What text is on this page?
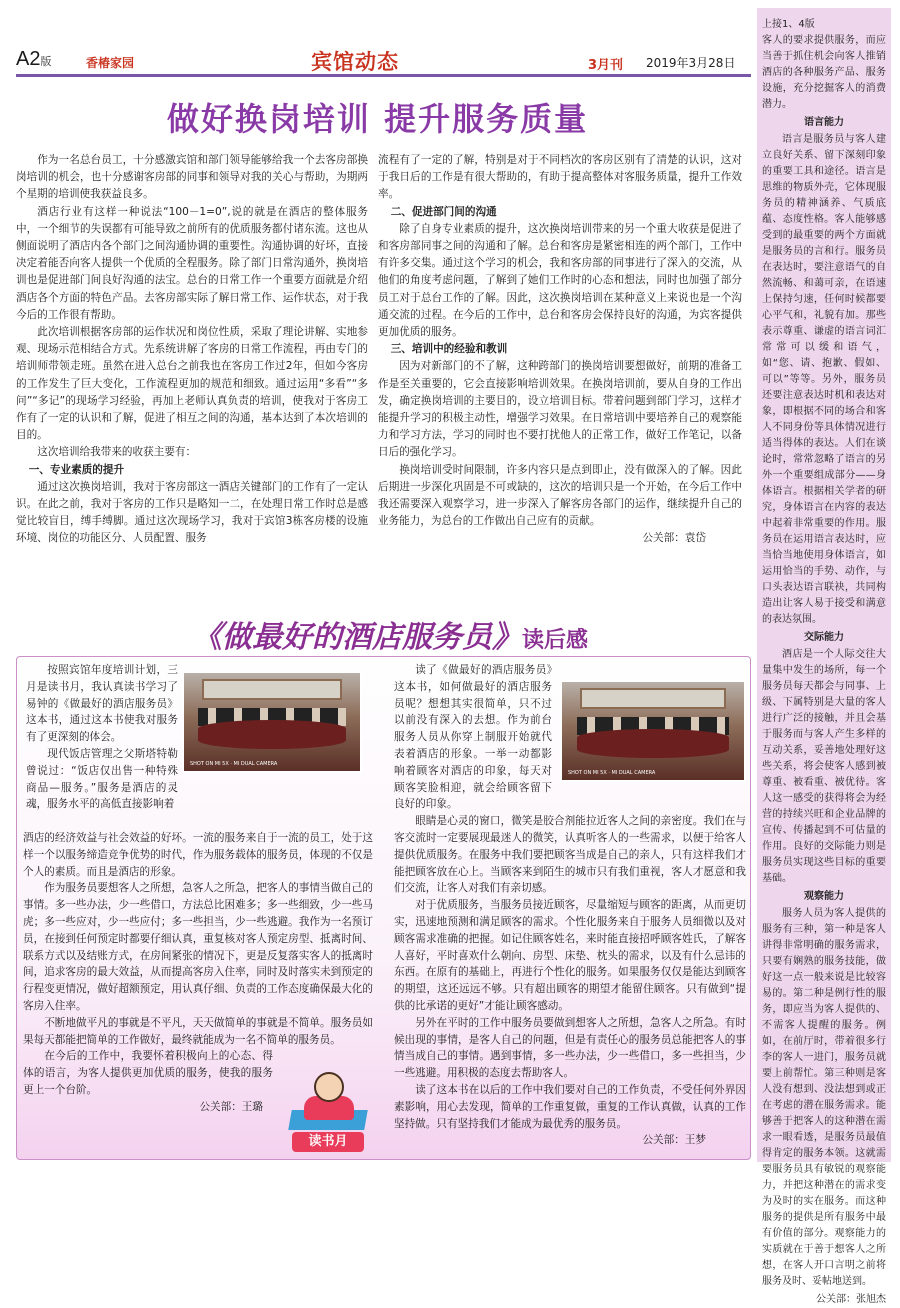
A2版	香椿家园	宾馆动态	3月刊 2019年3月28日
上接1、4版

客人的要求提供服务，而应当善于抓住机会向客人推销酒店的各种服务产品、服务设施，充分挖掘客人的消费潜力。

语言能力

语言是服务员与客人建立良好关系、留下深刻印象的重要工具和途径。语言是思维的物质外壳，它体现服务员的精神涵养、气质底蕴、态度性格。客人能够感受到的最重要的两个方面就是服务员的言和行。服务员在表达时，要注意语气的自然流畅、和蔼可亲，在语速上保持匀速，任何时候都要心平气和，礼貌有加。那些表示尊重、谦虚的语言词汇常常可以缓和语气，如“您、请、抱歉、假如、可以”等等。另外，服务员还要注意表达时机和表达对象，即根据不同的场合和客人不同身份等具体情况进行适当得体的表达。人们在谈论时，常常忽略了语言的另外一个重要组成部分——身体语言。根据相关学者的研究，身体语言在内容的表达中起着非常重要的作用。服务员在运用语言表达时，应当恰当地使用身体语言，如运用恰当的手势、动作，与口头表达语言联袂，共同构造出让客人易于接受和满意的表达氛围。

交际能力

酒店是一个人际交往大量集中发生的场所，每一个服务员每天都会与同事、上级、下属特别是大量的客人进行广泛的接触，并且会基于服务而与客人产生多样的互动关系，妥善地处理好这些关系，将会使客人感到被尊重、被看重、被优待。客人这一感受的获得将会为经营的持续兴旺和企业品牌的宣传、传播起到不可估量的作用。良好的交际能力则是服务员实现这些目标的重要基础。

观察能力

服务人员为客人提供的服务有三种，第一种是客人讲得非常明确的服务需求，只要有娴熟的服务技能，做好这一点一般来说是比较容易的。第二种是例行性的服务，即应当为客人提供的、不需客人提醒的服务。例如，在前厅时，带着很多行李的客人一进门，服务员就要上前帮忙。第三种则是客人没有想到、没法想到或正在考虑的潜在服务需求。能够善于把客人的这种潜在需求一眼看透，是服务员最值得肯定的服务本领。这就需要服务员具有敏锐的观察能力，并把这种潜在的需求变为及时的实在服务。而这种服务的提供是所有服务中最有价值的部分。观察能力的实质就在于善于想客人之所想，在客人开口言明之前将服务及时、妥帖地送到。

公关部：张旭杰
做好换岗培训 提升服务质量

作为一名总台员工，十分感激宾馆和部门领导能够给我一个去客房部换岗培训的机会，也十分感谢客房部的同事和领导对我的关心与帮助，为期两个星期的培训使我获益良多。

酒店行业有这样一种说法“100－1=0”,说的就是在酒店的整体服务中，一个细节的失误都有可能导致之前所有的优质服务都付诸东流。这也从侧面说明了酒店内各个部门之间沟通协调的重要性。沟通协调的好坏，直接决定着能否向客人提供一个优质的全程服务。除了部门日常沟通外，换岗培训也是促进部门间良好沟通的法宝。总台的日常工作一个重要方面就是介绍酒店各个方面的特色产品。去客房部实际了解日常工作、运作状态，对于我今后的工作很有帮助。

此次培训根据客房部的运作状况和岗位性质，采取了理论讲解、实地参观、现场示范相结合方式。先系统讲解了客房的日常工作流程，再由专门的培训师带领走班。虽然在进入总台之前我也在客房工作过2年，但如今客房的工作发生了巨大变化，工作流程更加的规范和细致。通过运用“多看”“多问”“多记”的现场学习经验，再加上老师认真负责的培训，使我对于客房工作有了一定的认识和了解，促进了相互之间的沟通，基本达到了本次培训的目的。

这次培训给我带来的收获主要有：

一、专业素质的提升

通过这次换岗培训，我对于客房部这一酒店关键部门的工作有了一定认识。在此之前，我对于客房的工作只是略知一二，在处理日常工作时总是感觉比较盲目，缚手缚脚。通过这次现场学习，我对于宾馆3栋客房楼的设施环境、岗位的功能区分、人员配置、服务

流程有了一定的了解，特别是对于不同档次的客房区别有了清楚的认识，这对于我日后的工作是有很大帮助的，有助于提高整体对客服务质量，提升工作效率。

二、促进部门间的沟通

除了自身专业素质的提升，这次换岗培训带来的另一个重大收获是促进了和客房部同事之间的沟通和了解。总台和客房是紧密相连的两个部门，工作中有许多交集。通过这个学习的机会，我和客房部的同事进行了深入的交流，从他们的角度考虑问题，了解到了她们工作时的心态和想法，同时也加强了部分员工对于总台工作的了解。因此，这次换岗培训在某种意义上来说也是一个沟通交流的过程。在今后的工作中，总台和客房会保持良好的沟通，为宾客提供更加优质的服务。

三、培训中的经验和教训

因为对新部门的不了解，这种跨部门的换岗培训要想做好，前期的准备工作是至关重要的，它会直接影响培训效果。在换岗培训前，要从自身的工作出发，确定换岗培训的主要目的，设立培训目标。带着问题到部门学习，这样才能提升学习的积极主动性，增强学习效果。在日常培训中要培养自己的观察能力和学习方法，学习的同时也不要打扰他人的正常工作，做好工作笔记，以备日后的强化学习。

换岗培训受时间限制，许多内容只是点到即止，没有做深入的了解。因此后期进一步深化巩固是不可或缺的，这次的培训只是一个开始，在今后工作中我还需要深入观察学习，进一步深入了解客房各部门的运作，继续提升自己的业务能力，为总台的工作做出自己应有的贡献。

公关部：袁岱
《做最好的酒店服务员》读后感
SHOT ON MI 5X · MI DUAL CAMERA
SHOT ON MI 5X · MI DUAL CAMERA

按照宾馆年度培训计划，三月是读书月，我认真读书学习了易钟的《做最好的酒店服务员》这本书，通过这本书使我对服务有了更深刻的体会。

现代饭店管理之父斯塔特勒曾说过：“饭店仅出售一种特殊商品—服务。”服务是酒店的灵魂，服务水平的高低直接影响着

酒店的经济效益与社会效益的好坏。一流的服务来自于一流的员工，处于这样一个以服务缔造竞争优势的时代，作为服务载体的服务员，体现的不仅是个人的素质。而且是酒店的形象。

作为服务员要想客人之所想，急客人之所急，把客人的事情当做自己的事情。多一些办法，少一些借口，方法总比困难多；多一些细致，少一些马虎；多一些应对，少一些应付；多一些担当，少一些逃避。我作为一名预订员，在接到任何预定时都要仔细认真，重复核对客人预定房型、抵离时间、联系方式以及结账方式，在房间紧张的情况下，更是反复落实客人的抵离时间，追求客房的最大效益，从而提高客房入住率，同时及时落实未到预定的行程变更情况，做好超额预定，用认真仔细、负责的工作态度确保最大化的客房入住率。

不断地做平凡的事就是不平凡，天天做简单的事就是不简单。服务员如果每天都能把简单的工作做好，最终就能成为一名不简单的服务员。

在今后的工作中，我要怀着积极向上的心态、得体的语言，为客人提供更加优质的服务，使我的服务更上一个台阶。

公关部：王璐
读书月

读了《做最好的酒店服务员》这本书，如何做最好的酒店服务员呢？想想其实很简单，只不过以前没有深入的去想。作为前台服务人员从你穿上制服开始就代表着酒店的形象。一举一动都影响着顾客对酒店的印象，每天对顾客笑脸相迎，就会给顾客留下良好的印象。

眼睛是心灵的窗口，微笑是胶合剂能拉近客人之间的亲密度。我们在与客交流时一定要展现最迷人的微笑，认真听客人的一些需求，以便于给客人提供优质服务。在服务中我们要把顾客当成是自己的亲人，只有这样我们才能把顾客放在心上。当顾客来到陌生的城市只有我们重视，客人才愿意和我们交流，让客人对我们有亲切感。

对于优质服务，当服务员接近顾客，尽量缩短与顾客的距离，从而更切实，迅速地预测和满足顾客的需求。个性化服务来自于服务人员细微以及对顾客需求准确的把握。如记住顾客姓名，来时能直接招呼顾客姓氏，了解客人喜好，平时喜欢什么朝向、房型、床垫、枕头的需求，以及有什么忌讳的东西。在原有的基础上，再进行个性化的服务。如果服务仅仅是能达到顾客的期望，这还远远不够。只有超出顾客的期望才能留住顾客。只有做到“提供的比承诺的更好”才能让顾客感动。

另外在平时的工作中服务员要做到想客人之所想，急客人之所急。有时候出现的事情，是客人自己的问题，但是有责任心的服务员总能把客人的事情当成自己的事情。遇到事情，多一些办法，少一些借口，多一些担当，少一些逃避。用积极的态度去帮助客人。

读了这本书在以后的工作中我们要对自己的工作负责，不受任何外界因素影响，用心去发现，简单的工作重复做，重复的工作认真做，认真的工作坚持做。只有坚持我们才能成为最优秀的服务员。

公关部：王梦
